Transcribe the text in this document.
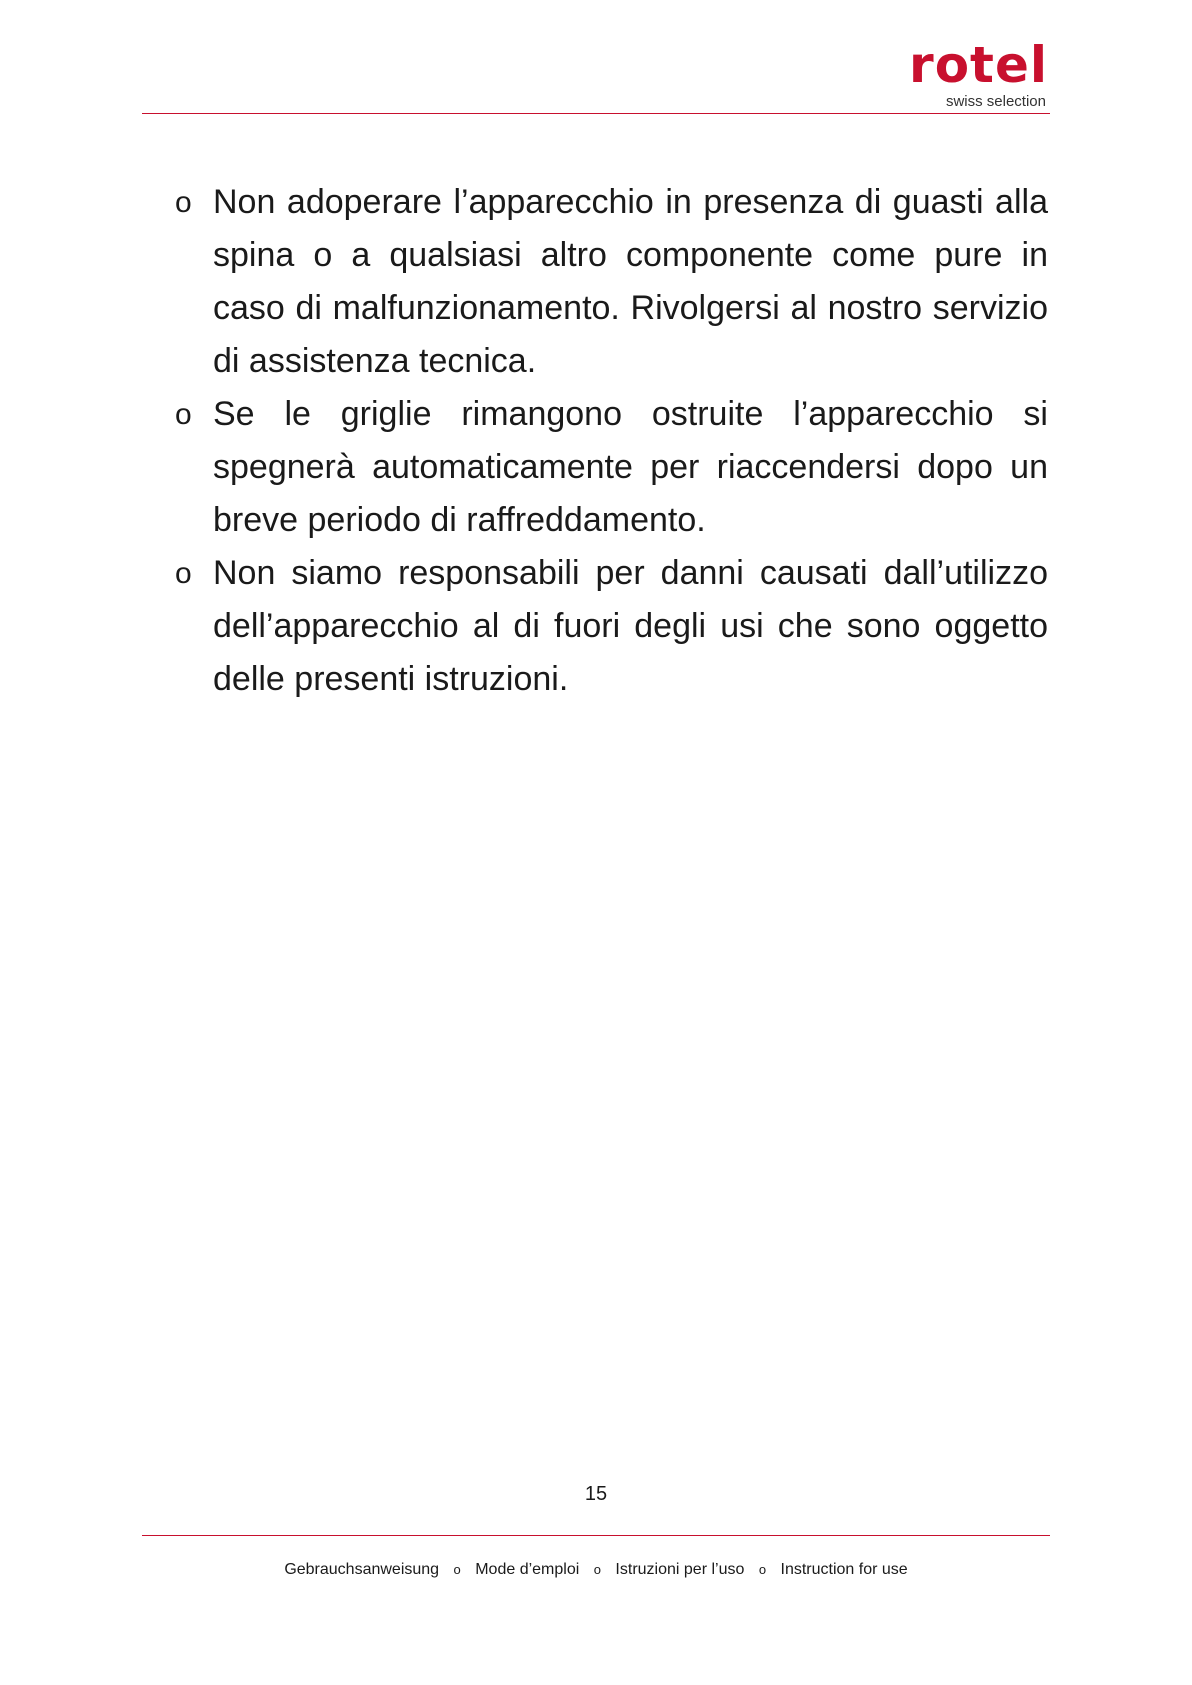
rotel
swiss selection
o Non adoperare l’apparecchio in presenza di guasti alla spina o a qualsiasi altro componente come pure in caso di malfunzionamento. Rivolgersi al nostro servizio di assistenza tecnica.
o Se le griglie rimangono ostruite l’apparecchio si spegnerà automaticamente per riaccendersi dopo un breve periodo di raffreddamento.
o Non siamo responsabili per danni causati dall’utilizzo dell’apparecchio al di fuori degli usi che sono oggetto delle presenti istruzioni.
15
Gebrauchsanweisung o Mode d’emploi o Istruzioni per l’uso o Instruction for use
